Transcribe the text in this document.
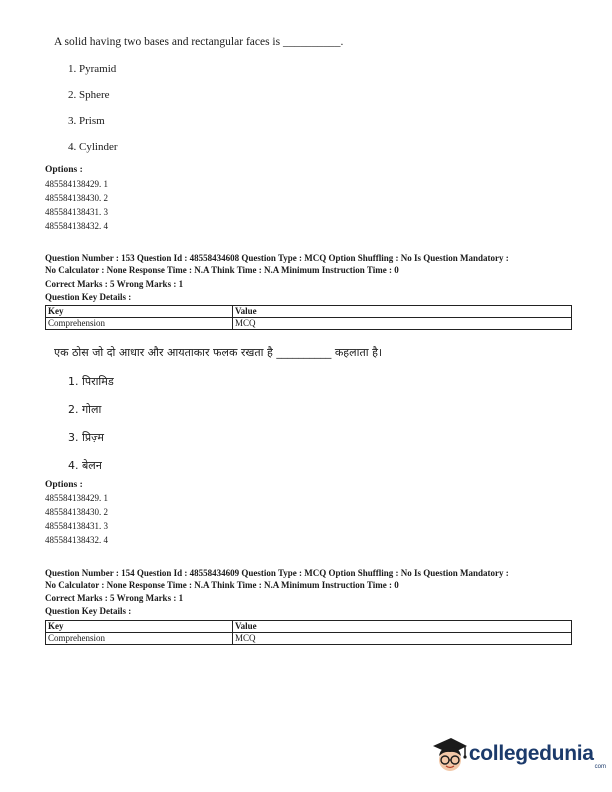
A solid having two bases and rectangular faces is __________.
1. Pyramid
2. Sphere
3. Prism
4. Cylinder
Options :
485584138429. 1
485584138430. 2
485584138431. 3
485584138432. 4
Question Number : 153 Question Id : 48558434608 Question Type : MCQ Option Shuffling : No Is Question Mandatory :
No Calculator : None Response Time : N.A Think Time : N.A Minimum Instruction Time : 0
Correct Marks : 5 Wrong Marks : 1
Question Key Details :
Key	Value
Comprehension	MCQ
एक ठोस जो दो आधार और आयताकार फलक रखता है __________ कहलाता है।
1. पिरामिड
2. गोला
3. प्रिज़्म
4. बेलन
Options :
485584138429. 1
485584138430. 2
485584138431. 3
485584138432. 4
Question Number : 154 Question Id : 48558434609 Question Type : MCQ Option Shuffling : No Is Question Mandatory :
No Calculator : None Response Time : N.A Think Time : N.A Minimum Instruction Time : 0
Correct Marks : 5 Wrong Marks : 1
Question Key Details :
Key	Value
Comprehension	MCQ
collegedunia
com
